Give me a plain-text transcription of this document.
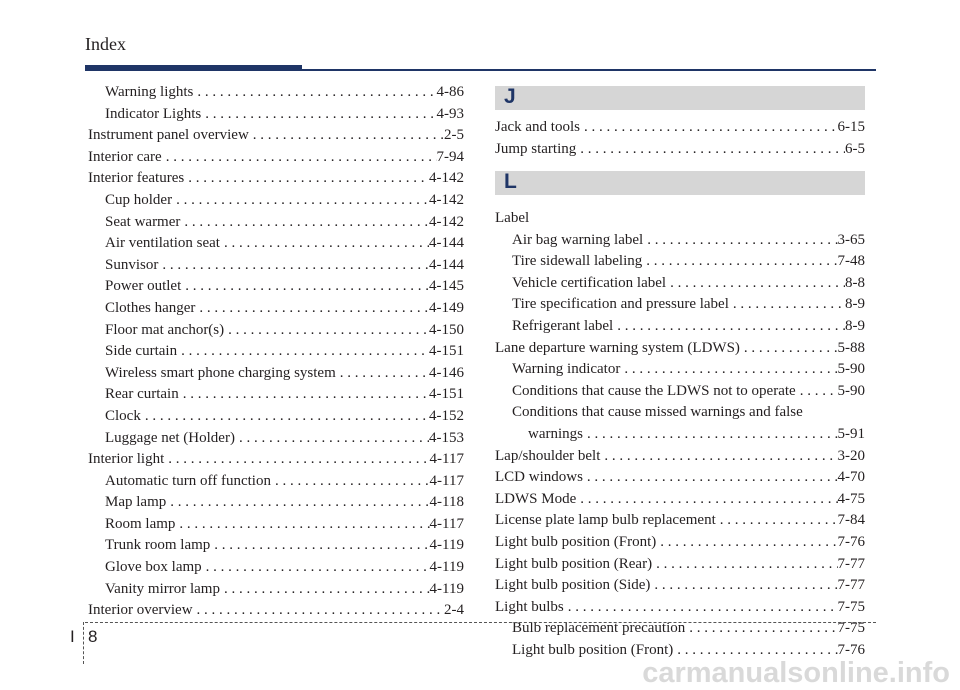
Index
Warning lights . . .	4-86
Indicator Lights . . .	4-93
Instrument panel overview . . .	2-5
Interior care . . .	7-94
Interior features . . .	4-142
Cup holder . . .	4-142
Seat warmer . . .	4-142
Air ventilation seat . . .	4-144
Sunvisor . . .	4-144
Power outlet . . .	4-145
Clothes hanger . . .	4-149
Floor mat anchor(s) . . .	4-150
Side curtain . . .	4-151
Wireless smart phone charging system . . .	4-146
Rear curtain . . .	4-151
Clock . . .	4-152
Luggage net (Holder) . . .	4-153
Interior light . . .	4-117
Automatic turn off function . . .	4-117
Map lamp . . .	4-118
Room lamp . . .	4-117
Trunk room lamp . . .	4-119
Glove box lamp . . .	4-119
Vanity mirror lamp . . .	4-119
Interior overview . . .	2-4
J
Jack and tools . . .	6-15
Jump starting . . .	6-5
L
Label
Air bag warning label . . .	3-65
Tire sidewall labeling . . .	7-48
Vehicle certification label . . .	8-8
Tire specification and pressure label . . .	8-9
Refrigerant label . . .	8-9
Lane departure warning system (LDWS) . . .	5-88
Warning indicator . . .	5-90
Conditions that cause the LDWS not to operate . . .	5-90
Conditions that cause missed warnings and false
warnings . . .	5-91
Lap/shoulder belt . . .	3-20
LCD windows . . .	4-70
LDWS Mode . . .	4-75
License plate lamp bulb replacement . . .	7-84
Light bulb position (Front) . . .	7-76
Light bulb position (Rear) . . .	7-77
Light bulb position (Side) . . .	7-77
Light bulbs . . .	7-75
Bulb replacement precaution . . .	7-75
Light bulb position (Front) . . .	7-76
I 8
carmanualsonline.info
